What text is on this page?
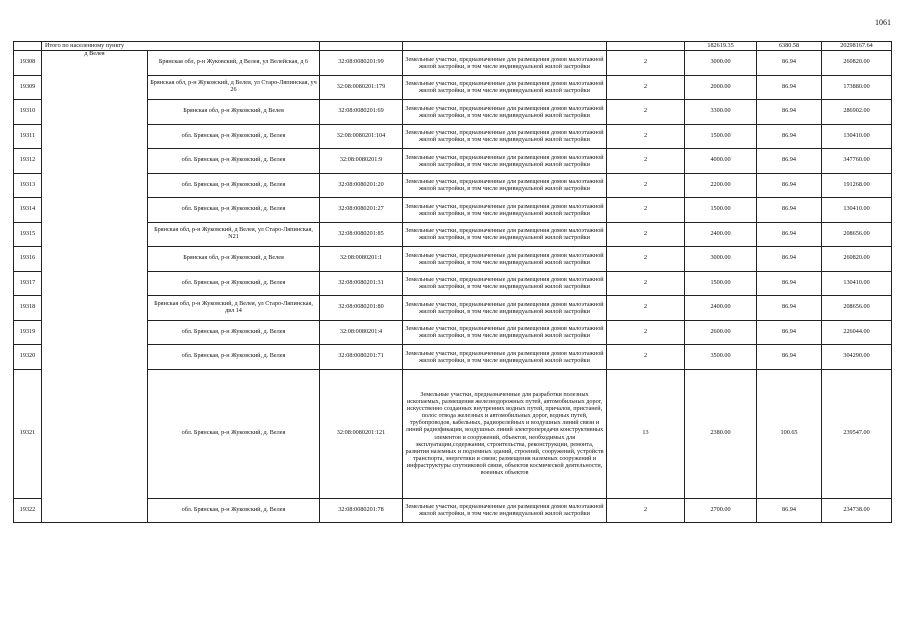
1061
	Итого по населенному пункту					182619.35	6380.58	20298167.64
19308	д Велея	Брянская обл, р-н Жуковский, д Велея, ул Велейская, д 6	32:08:0080201:99	Земельные участки, предназначенные для размещения домов малоэтажной жилой застройки, в том числе индивидуальной жилой застройки	2	3000.00	86.94	260820.00
19309		Брянская обл, р-н Жуковский, д Велея, ул Старо-Ляпинская, уч 26	32:08:0080201:179	Земельные участки, предназначенные для размещения домов малоэтажной жилой застройки, в том числе индивидуальной жилой застройки	2	2000.00	86.94	173880.00
19310		Брянская обл, р-н Жуковский, д Велея	32:08:0080201:69	Земельные участки, предназначенные для размещения домов малоэтажной жилой застройки, в том числе индивидуальной жилой застройки	2	3300.00	86.94	286902.00
19311		обл. Брянская, р-н Жуковский, д. Велея	32:08:0080201:104	Земельные участки, предназначенные для размещения домов малоэтажной жилой застройки, в том числе индивидуальной жилой застройки	2	1500.00	86.94	130410.00
19312		обл. Брянская, р-н Жуковский, д. Велея	32:08:0080201:9	Земельные участки, предназначенные для размещения домов малоэтажной жилой застройки, в том числе индивидуальной жилой застройки	2	4000.00	86.94	347760.00
19313		обл. Брянская, р-н Жуковский, д. Велея	32:08:0080201:20	Земельные участки, предназначенные для размещения домов малоэтажной жилой застройки, в том числе индивидуальной жилой застройки	2	2200.00	86.94	191268.00
19314		обл. Брянская, р-н Жуковский, д. Велея	32:08:0080201:27	Земельные участки, предназначенные для размещения домов малоэтажной жилой застройки, в том числе индивидуальной жилой застройки	2	1500.00	86.94	130410.00
19315		Брянская обл, р-н Жуковский, д Велея, ул Старо-Ляпинская, N21	32:08:0080201:85	Земельные участки, предназначенные для размещения домов малоэтажной жилой застройки, в том числе индивидуальной жилой застройки	2	2400.00	86.94	208656.00
19316		Брянская обл, р-н Жуковский, д Велея	32:08:0080201:1	Земельные участки, предназначенные для размещения домов малоэтажной жилой застройки, в том числе индивидуальной жилой застройки	2	3000.00	86.94	260820.00
19317		обл. Брянская, р-н Жуковский, д. Велея	32:08:0080201:31	Земельные участки, предназначенные для размещения домов малоэтажной жилой застройки, в том числе индивидуальной жилой застройки	2	1500.00	86.94	130410.00
19318		Брянская обл, р-н Жуковский, д Велея, ул Старо-Ляпинская, двл 14	32:08:0080201:80	Земельные участки, предназначенные для размещения домов малоэтажной жилой застройки, в том числе индивидуальной жилой застройки	2	2400.00	86.94	208656.00
19319		обл. Брянская, р-н Жуковский, д. Велея	32:08:0080201:4	Земельные участки, предназначенные для размещения домов малоэтажной жилой застройки, в том числе индивидуальной жилой застройки	2	2600.00	86.94	226044.00
19320		обл. Брянская, р-н Жуковский, д. Велея	32:08:0080201:71	Земельные участки, предназначенные для размещения домов малоэтажной жилой застройки, в том числе индивидуальной жилой застройки	2	3500.00	86.94	304290.00
19321		обл. Брянская, р-н Жуковский, д. Велея	32:08:0080201:121	Земельные участки, предназначенные для разработки полезных ископаемых, размещения железнодорожных путей, автомобильных дорог, искусственно созданных внутренних водных путей, причалов, пристаней, полос отвода железных и автомобильных дорог, водных путей, трубопроводов, кабельных, радиорелейных и воздушных линий связи и линий радиофикации, воздушных линий электропередачи конструктивных элементов и сооружений, объектов, необходимых для эксплуатации,содержания, строительства, реконструкции, ремонта, развития наземных и подземных зданий, строений, сооружений, устройств транспорта, энергетики и связи; размещения наземных сооружений и инфраструктуры спутниковой связи, объектов космической деятельности, военных объектов	13	2380.00	100.65	239547.00
19322		обл. Брянская, р-н Жуковский, д. Велея	32:08:0080201:78	Земельные участки, предназначенные для размещения домов малоэтажной жилой застройки, в том числе индивидуальной жилой застройки	2	2700.00	86.94	234738.00
